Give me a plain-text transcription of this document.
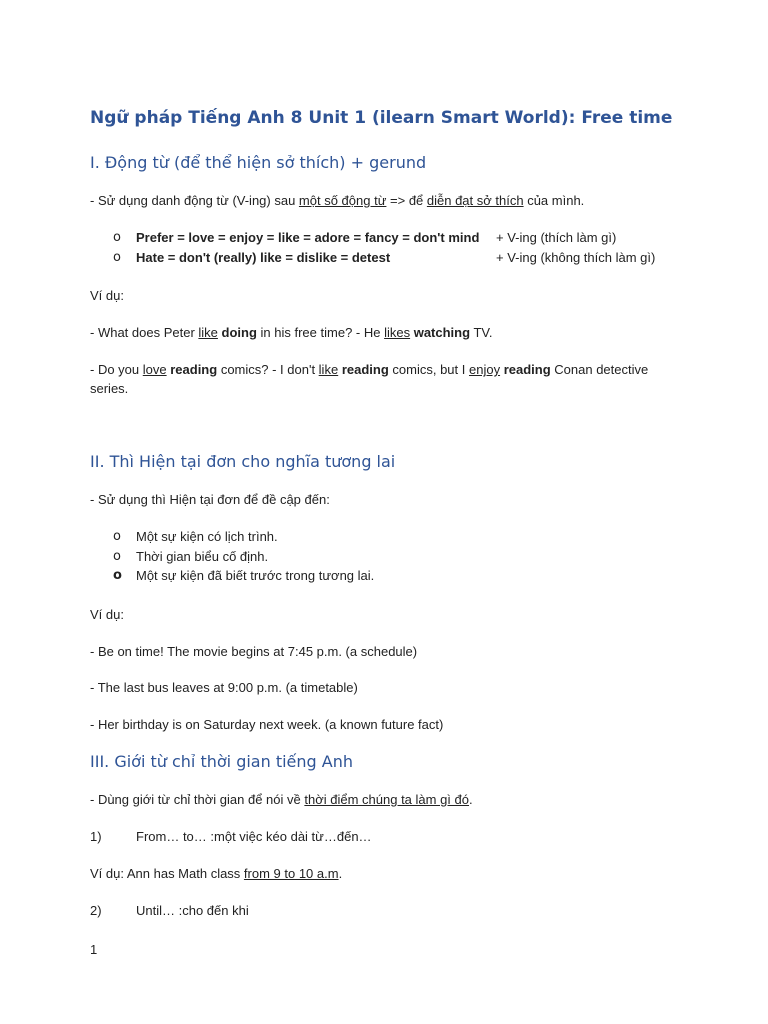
Ngữ pháp Tiếng Anh 8 Unit 1 (ilearn Smart World): Free time
I. Động từ (để thể hiện sở thích) + gerund
- Sử dụng danh động từ (V-ing) sau một số động từ => để diễn đạt sở thích của mình.
o Prefer = love = enjoy = like = adore = fancy = don't mind + V-ing (thích làm gì)
o Hate = don't (really) like = dislike = detest	+ V-ing (không thích làm gì)
Ví dụ:
- What does Peter like doing in his free time? - He likes watching TV.
- Do you love reading comics? - I don't like reading comics, but I enjoy reading Conan detective series.
II. Thì Hiện tại đơn cho nghĩa tương lai
- Sử dụng thì Hiện tại đơn để đề cập đến:
o Một sự kiện có lịch trình.
o Thời gian biểu cố định.
o Một sự kiện đã biết trước trong tương lai.
Ví dụ:
- Be on time! The movie begins at 7:45 p.m. (a schedule)
- The last bus leaves at 9:00 p.m. (a timetable)
- Her birthday is on Saturday next week. (a known future fact)
III. Giới từ chỉ thời gian tiếng Anh
- Dùng giới từ chỉ thời gian để nói về thời điểm chúng ta làm gì đó.
1)	From… to… :một việc kéo dài từ…đến…
Ví dụ: Ann has Math class from 9 to 10 a.m.
2)	Until… :cho đến khi
1
